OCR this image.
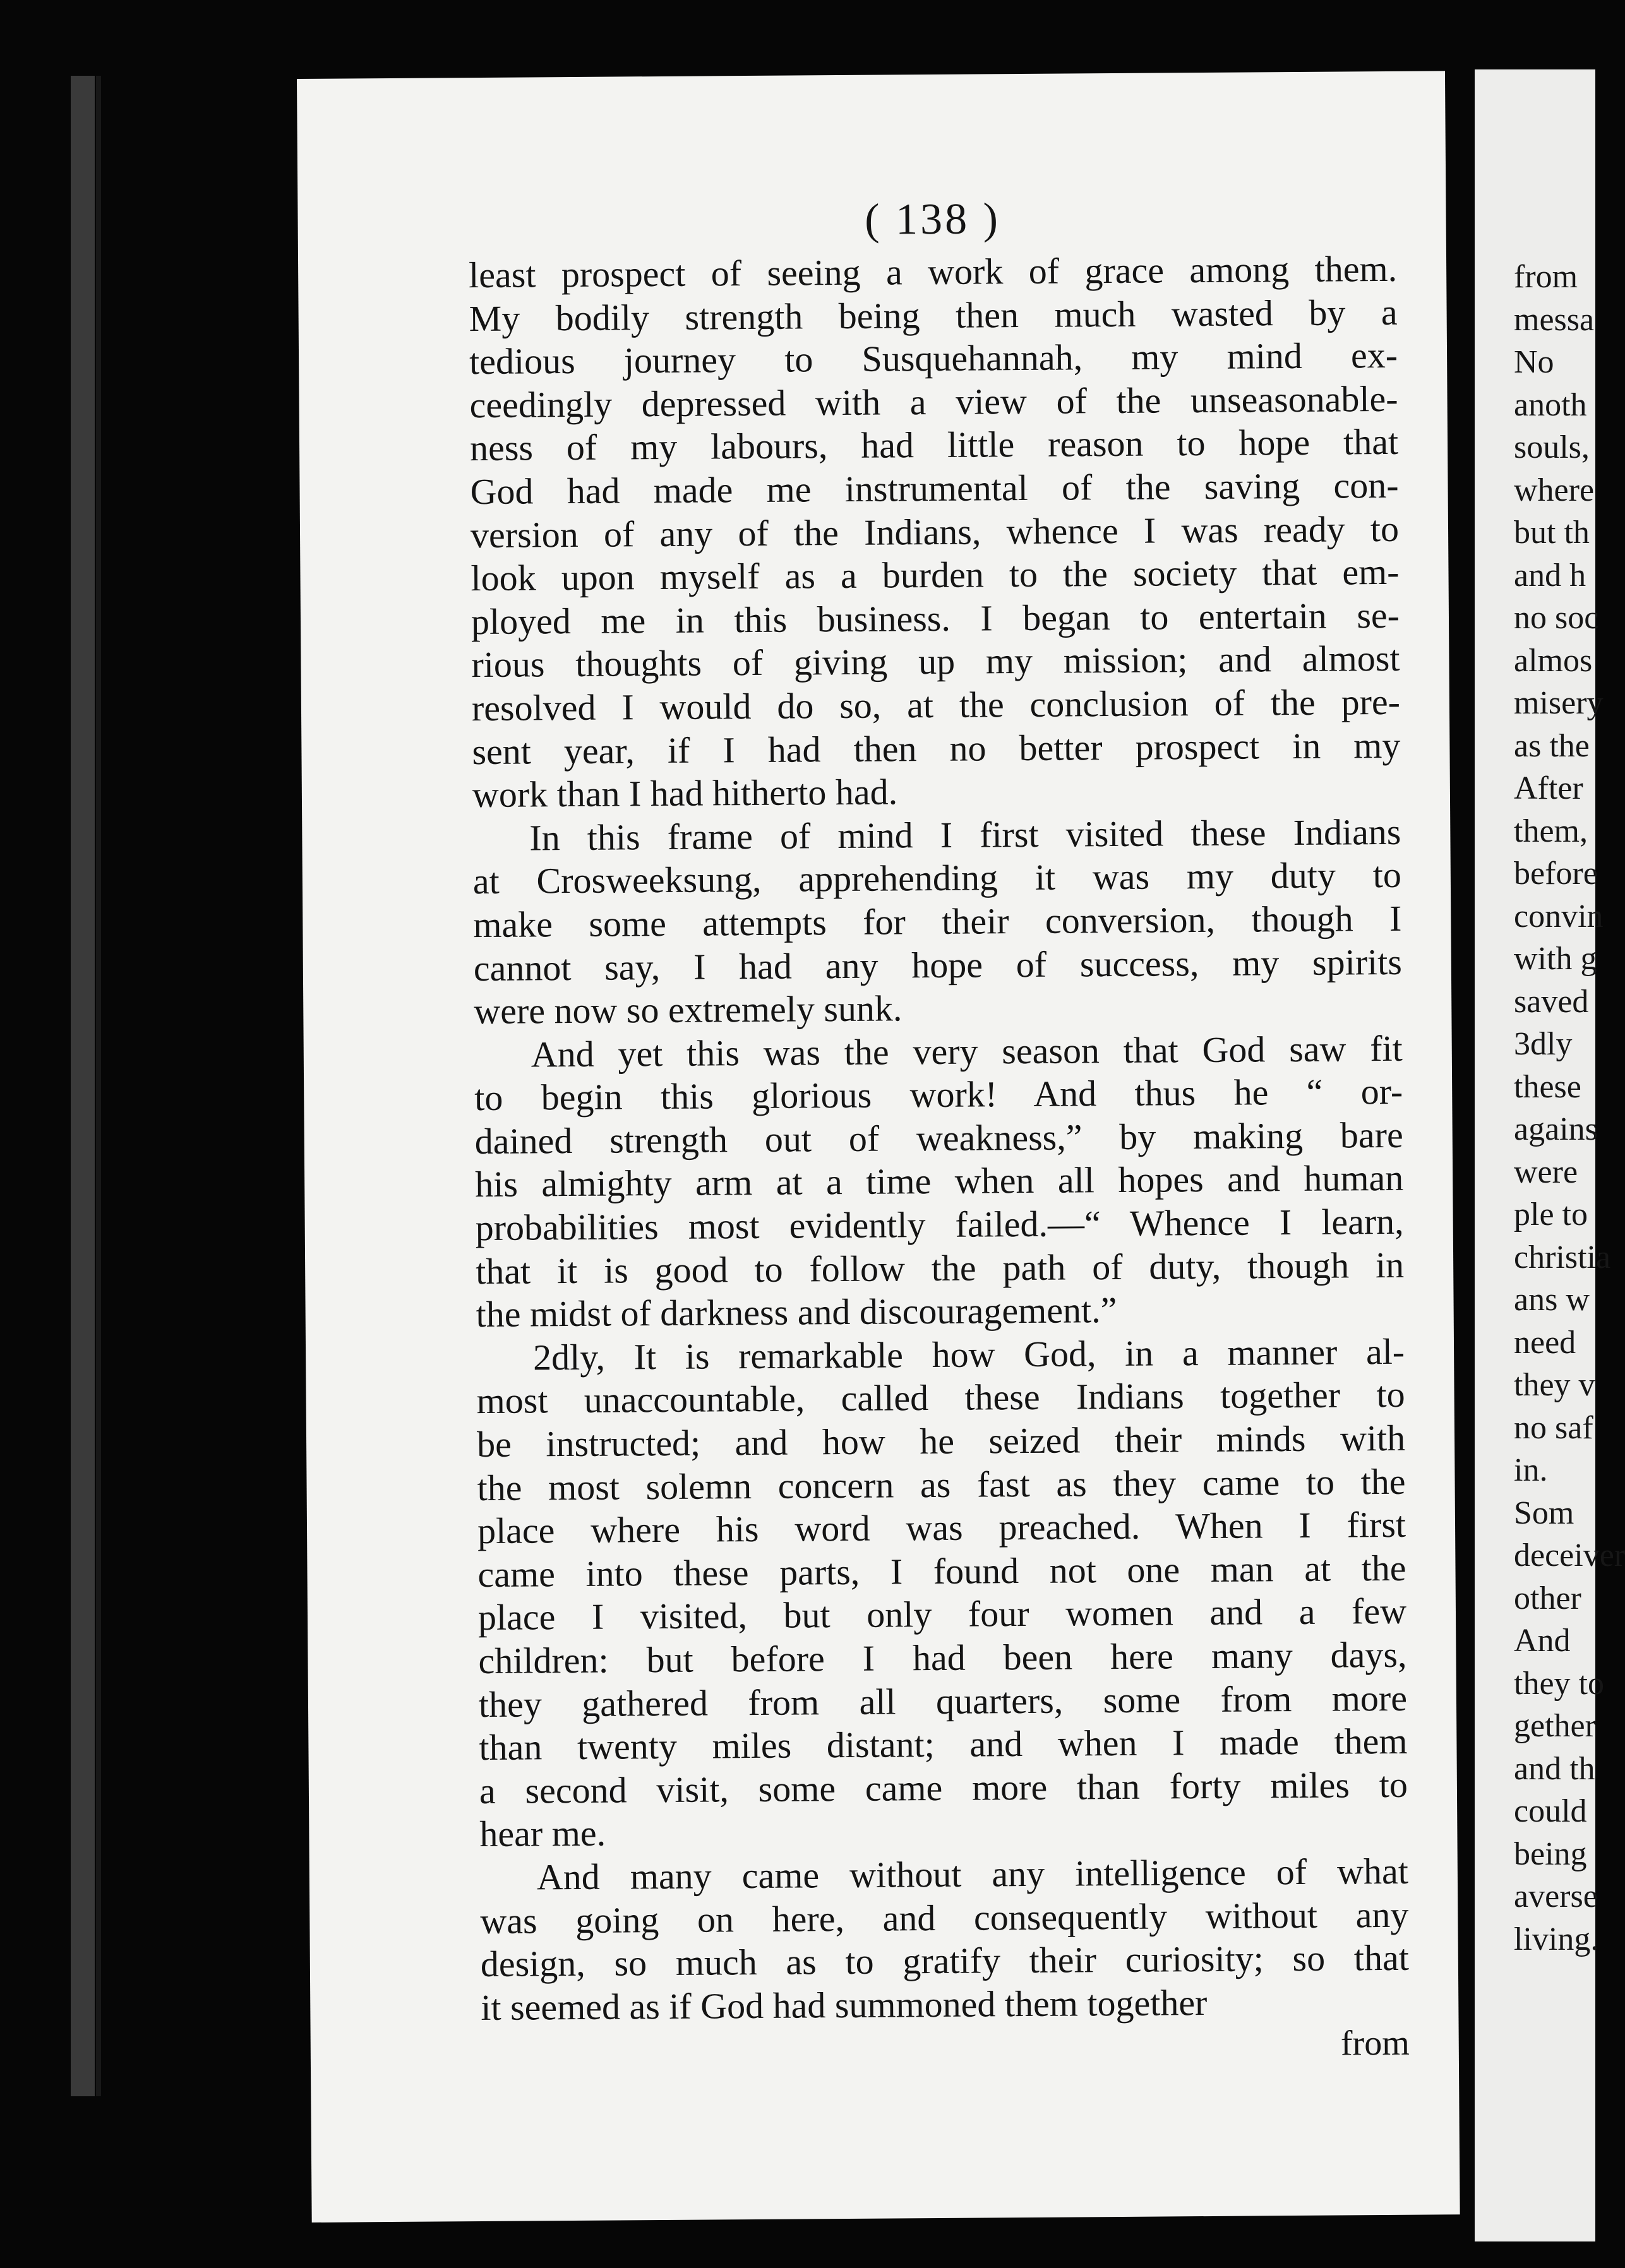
( 138 )
least prospect of seeing a work of grace among them.
My bodily strength being then much wasted by a
tedious journey to Susquehannah, my mind ex-
ceedingly depressed with a view of the unseasonable-
ness of my labours, had little reason to hope that
God had made me instrumental of the saving con-
version of any of the Indians, whence I was ready to
look upon myself as a burden to the society that em-
ployed me in this business. I began to entertain se-
rious thoughts of giving up my mission; and almost
resolved I would do so, at the conclusion of the pre-
sent year, if I had then no better prospect in my
work than I had hitherto had.
In this frame of mind I first visited these Indians
at Crosweeksung, apprehending it was my duty to
make some attempts for their conversion, though I
cannot say, I had any hope of success, my spirits
were now so extremely sunk.
And yet this was the very season that God saw fit
to begin this glorious work! And thus he “ or-
dained strength out of weakness,” by making bare
his almighty arm at a time when all hopes and human
probabilities most evidently failed.—“ Whence I learn,
that it is good to follow the path of duty, though in
the midst of darkness and discouragement.”
2dly, It is remarkable how God, in a manner al-
most unaccountable, called these Indians together to
be instructed; and how he seized their minds with
the most solemn concern as fast as they came to the
place where his word was preached. When I first
came into these parts, I found not one man at the
place I visited, but only four women and a few
children: but before I had been here many days,
they gathered from all quarters, some from more
than twenty miles distant; and when I made them
a second visit, some came more than forty miles to
hear me.
And many came without any intelligence of what
was going on here, and consequently without any
design, so much as to gratify their curiosity; so that
it seemed as if God had summoned them together
from
from
messa
No
anoth
souls,
where
but th
and h
no soc
almos
misery
as the
After
them,
before
convin
with g
saved
3dly
these
agains
were
ple to
christia
ans w
need
they v
no saf
in.
Som
deceiver
other
And
they to
gether
and th
could
being
averse
living.
